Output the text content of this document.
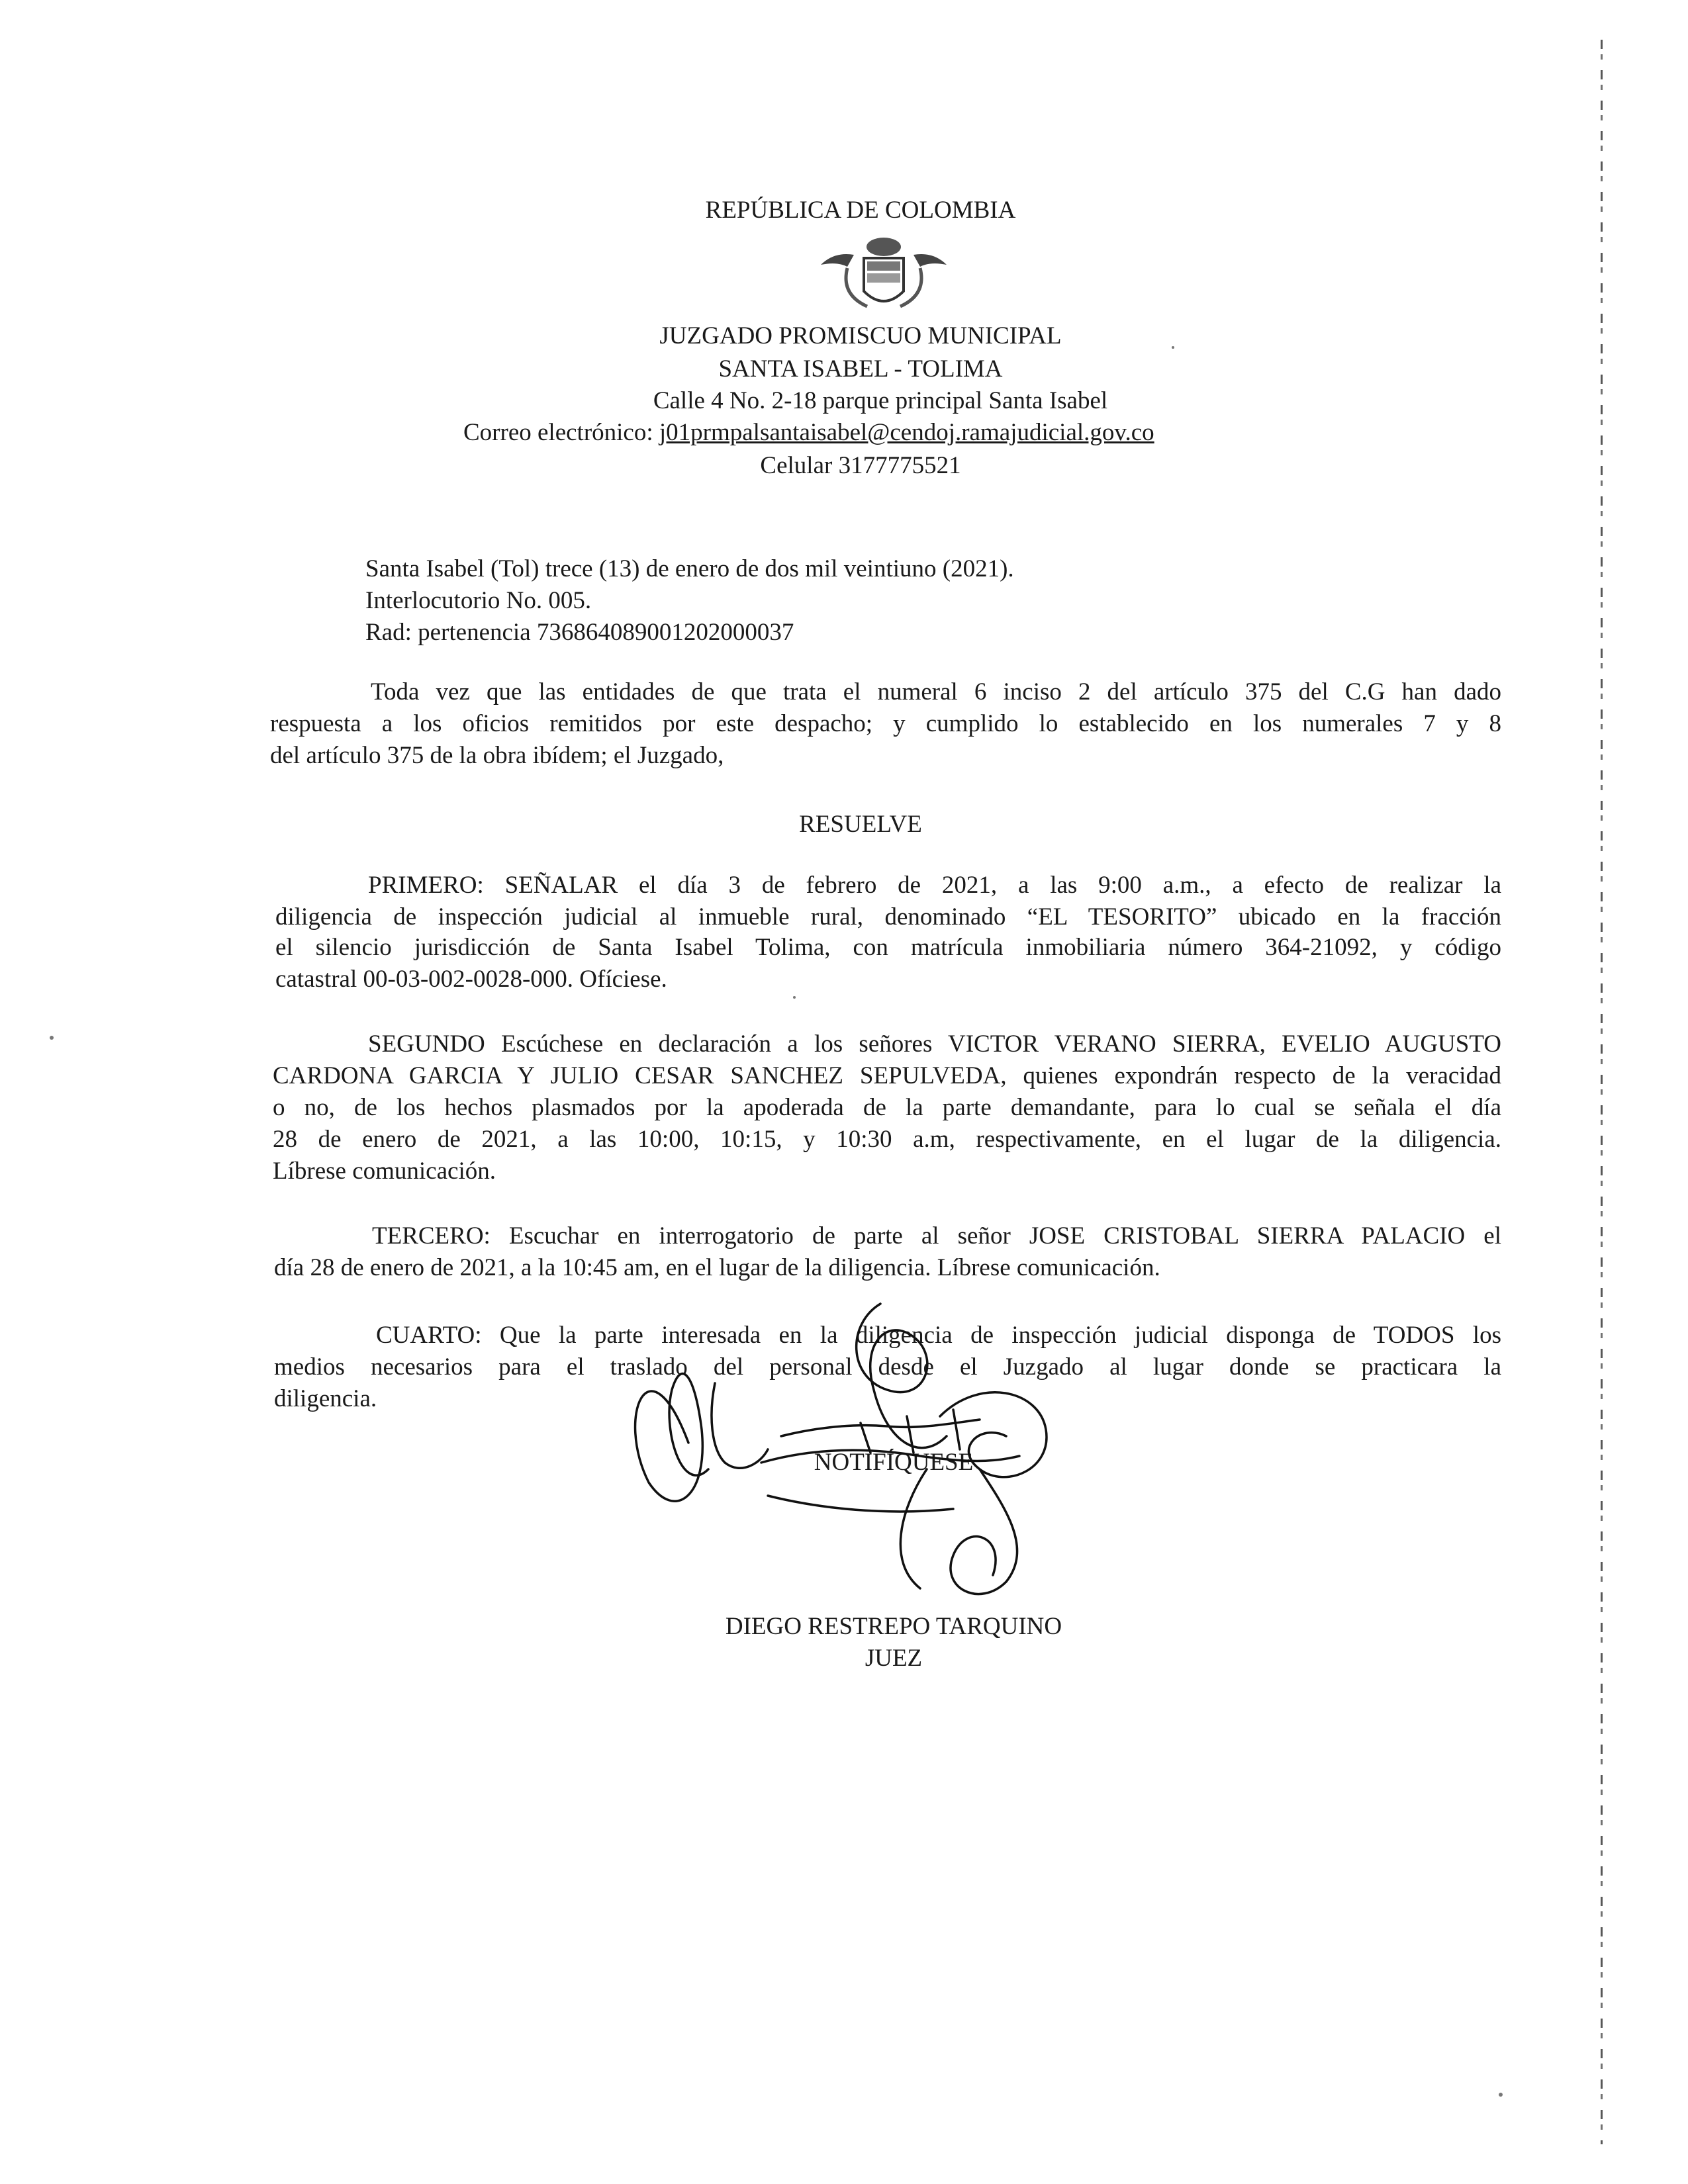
REPÚBLICA DE COLOMBIA
JUZGADO PROMISCUO MUNICIPAL
SANTA ISABEL - TOLIMA
Calle 4 No. 2-18 parque principal Santa Isabel
Correo electrónico: j01prmpalsantaisabel@cendoj.ramajudicial.gov.co
Celular 3177775521
Santa Isabel (Tol) trece (13) de enero de dos mil veintiuno (2021).
Interlocutorio No. 005.
Rad: pertenencia 73686408900120200003​7
Toda vez que las entidades de que trata el numeral 6 inciso 2 del artículo 375 del C.G han dado
respuesta a los oficios remitidos por este despacho; y cumplido lo establecido en los numerales 7 y 8
del artículo 375 de la obra ibídem; el Juzgado,
RESUELVE
PRIMERO: SEÑALAR el día 3 de febrero de 2021, a las 9:00 a.m., a efecto de realizar la
diligencia de inspección judicial al inmueble rural, denominado “EL TESORITO” ubicado en la fracción
el silencio jurisdicción de Santa Isabel Tolima, con matrícula inmobiliaria número 364-21092, y código
catastral 00-03-002-0028-000. Ofíciese.
SEGUNDO Escúchese en declaración a los señores VICTOR VERANO SIERRA, EVELIO AUGUSTO
CARDONA GARCIA Y JULIO CESAR SANCHEZ SEPULVEDA, quienes expondrán respecto de la veracidad
o no, de los hechos plasmados por la apoderada de la parte demandante, para lo cual se señala el día
28 de enero de 2021, a las 10:00, 10:15, y 10:30 a.m, respectivamente, en el lugar de la diligencia.
Líbrese comunicación.
TERCERO: Escuchar en interrogatorio de parte al señor JOSE CRISTOBAL SIERRA PALACIO el
día 28 de enero de 2021, a la 10:45 am, en el lugar de la diligencia. Líbrese comunicación.
CUARTO: Que la parte interesada en la diligencia de inspección judicial disponga de TODOS los
medios necesarios para el traslado del personal desde el Juzgado al lugar donde se practicara la
diligencia.
NOTIFÍQUESE
DIEGO RESTREPO TARQUINO
JUEZ
